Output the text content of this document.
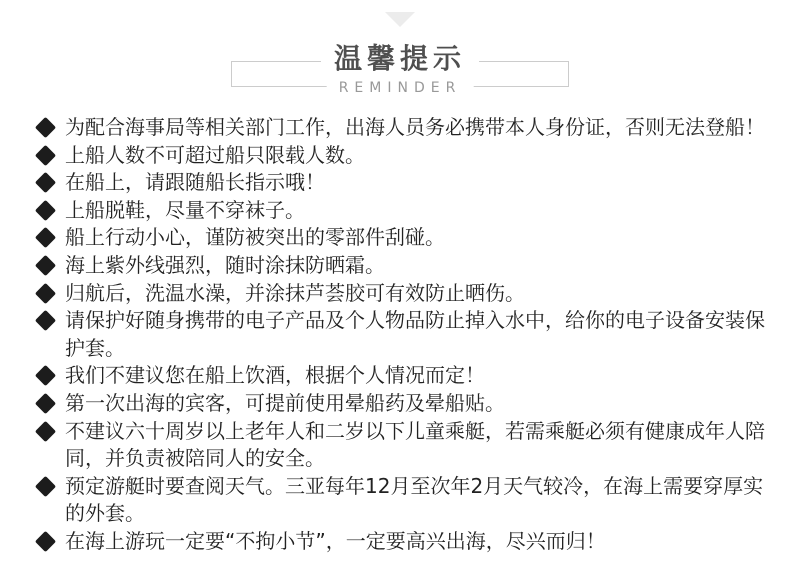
温馨提示
REMINDER
为配合海事局等相关部门工作，出海人员务必携带本人身份证，否则无法登船！
上船人数不可超过船只限载人数。
在船上，请跟随船长指示哦！
上船脱鞋，尽量不穿袜子。
船上行动小心，谨防被突出的零部件刮碰。
海上紫外线强烈，随时涂抹防晒霜。
归航后，洗温水澡，并涂抹芦荟胶可有效防止晒伤。
请保护好随身携带的电子产品及个人物品防止掉入水中，给你的电子设备安装保护套。
我们不建议您在船上饮酒，根据个人情况而定！
第一次出海的宾客，可提前使用晕船药及晕船贴。
不建议六十周岁以上老年人和二岁以下儿童乘艇，若需乘艇必须有健康成年人陪同，并负责被陪同人的安全。
预定游艇时要查阅天气。三亚每年12月至次年2月天气较冷，在海上需要穿厚实的外套。
在海上游玩一定要“不拘小节”，一定要高兴出海，尽兴而归！
